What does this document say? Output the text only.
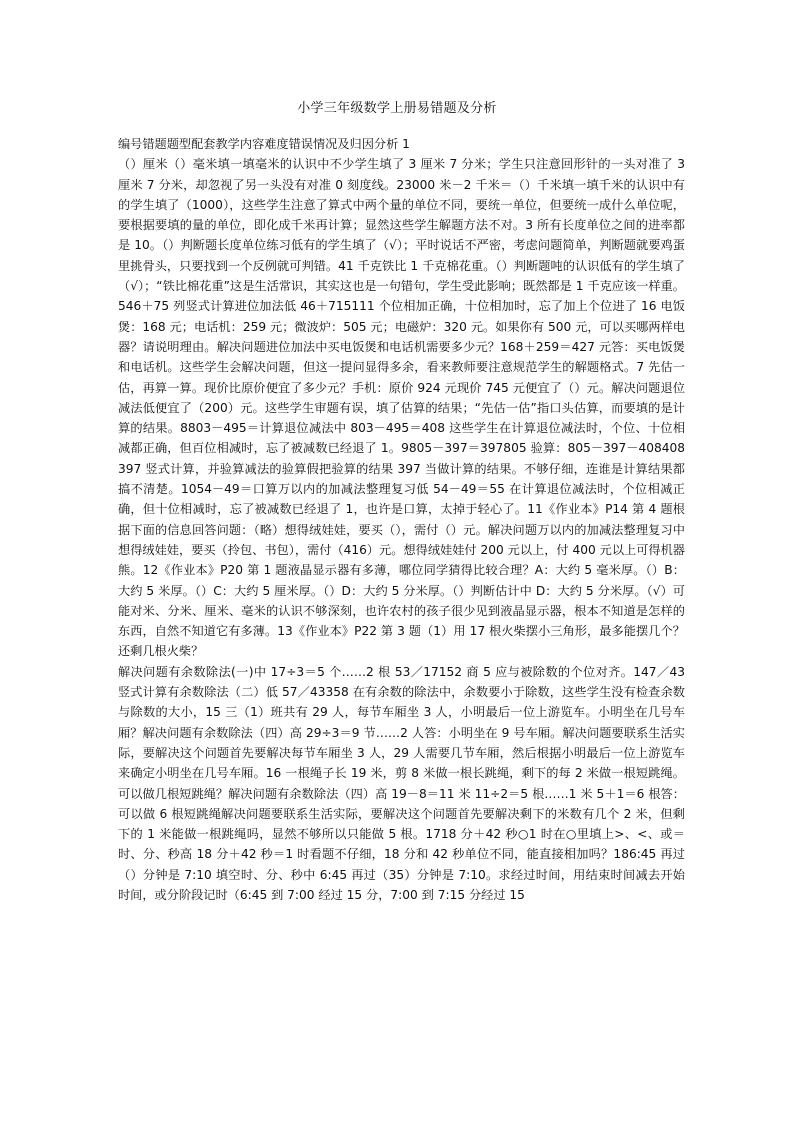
小学三年级数学上册易错题及分析

编号错题题型配套教学内容难度错误情况及归因分析 1

（）厘米（）毫米填一填毫米的认识中不少学生填了 3 厘米 7 分米；学生只注意回形针的一头对准了 3 厘米 7 分米，却忽视了另一头没有对准 0 刻度线。23000 米－2 千米＝（）千米填一填千米的认识中有的学生填了（1000），这些学生注意了算式中两个量的单位不同，要统一单位，但要统一成什么单位呢，要根据要填的量的单位，即化成千米再计算；显然这些学生解题方法不对。3 所有长度单位之间的进率都是 10。（）判断题长度单位练习低有的学生填了（√）；平时说话不严密，考虑问题简单，判断题就要鸡蛋里挑骨头，只要找到一个反例就可判错。41 千克铁比 1 千克棉花重。（）判断题吨的认识低有的学生填了（√）；“铁比棉花重”这是生活常识，其实这也是一句错句，学生受此影响；既然都是 1 千克应该一样重。546＋75 列竖式计算进位加法低 46＋715111 个位相加正确，十位相加时，忘了加上个位进了 16 电饭煲：168 元；电话机：259 元；微波炉：505 元；电磁炉：320 元。如果你有 500 元，可以买哪两样电器？请说明理由。解决问题进位加法中买电饭煲和电话机需要多少元？168＋259＝427 元答：买电饭煲和电话机。这些学生会解决问题，但这一提问显得多余，看来教师要注意规范学生的解题格式。7 先估一估，再算一算。现价比原价便宜了多少元？手机：原价 924 元现价 745 元便宜了（）元。解决问题退位减法低便宜了（200）元。这些学生审题有误，填了估算的结果；“先估一估”指口头估算，而要填的是计算的结果。8803－495＝计算退位减法中 803－495＝408 这些学生在计算退位减法时，个位、十位相减都正确，但百位相减时，忘了被减数已经退了 1。9805－397＝397805 验算：805－397－408408397 竖式计算，并验算减法的验算假把验算的结果 397 当做计算的结果。不够仔细，连谁是计算结果都搞不清楚。1054－49＝口算万以内的加减法整理复习低 54－49＝55 在计算退位减法时，个位相减正确，但十位相减时，忘了被减数已经退了 1，也许是口算，太掉于轻心了。11《作业本》P14 第 4 题根据下面的信息回答问题：（略）想得绒娃娃，要买（），需付（）元。解决问题万以内的加减法整理复习中想得绒娃娃，要买（拎包、书包），需付（416）元。想得绒娃娃付 200 元以上，付 400 元以上可得机器熊。12《作业本》P20 第 1 题液晶显示器有多薄，哪位同学猜得比较合理？A：大约 5 毫米厚。（）B：大约 5 米厚。（）C：大约 5 厘米厚。（）D：大约 5 分米厚。（）判断估计中 D：大约 5 分米厚。（√）可能对米、分米、厘米、毫米的认识不够深刻，也许农村的孩子很少见到液晶显示器，根本不知道是怎样的东西，自然不知道它有多薄。13《作业本》P22 第 3 题（1）用 17 根火柴摆小三角形，最多能摆几个？还剩几根火柴？

解决问题有余数除法(一)中 17÷3＝5 个……2 根 53／17152 商 5 应与被除数的个位对齐。147／43 竖式计算有余数除法（二）低 57／43358 在有余数的除法中，余数要小于除数，这些学生没有检查余数与除数的大小，15 三（1）班共有 29 人，每节车厢坐 3 人，小明最后一位上游览车。小明坐在几号车厢？解决问题有余数除法（四）高 29÷3＝9 节……2 人答：小明坐在 9 号车厢。解决问题要联系生活实际，要解决这个问题首先要解决每节车厢坐 3 人，29 人需要几节车厢，然后根据小明最后一位上游览车来确定小明坐在几号车厢。16 一根绳子长 19 米，剪 8 米做一根长跳绳，剩下的每 2 米做一根短跳绳。可以做几根短跳绳？解决问题有余数除法（四）高 19－8＝11 米 11÷2＝5 根……1 米 5＋1＝6 根答：可以做 6 根短跳绳解决问题要联系生活实际，要解决这个问题首先要解决剩下的米数有几个 2 米，但剩下的 1 米能做一根跳绳吗，显然不够所以只能做 5 根。1718 分＋42 秒○1 时在○里填上>、<、或＝时、分、秒高 18 分＋42 秒＝1 时看题不仔细，18 分和 42 秒单位不同，能直接相加吗？186:45 再过（）分钟是 7:10 填空时、分、秒中 6:45 再过（35）分钟是 7:10。求经过时间，用结束时间减去开始时间，或分阶段记时（6:45 到 7:00 经过 15 分，7:00 到 7:15 分经过 15
